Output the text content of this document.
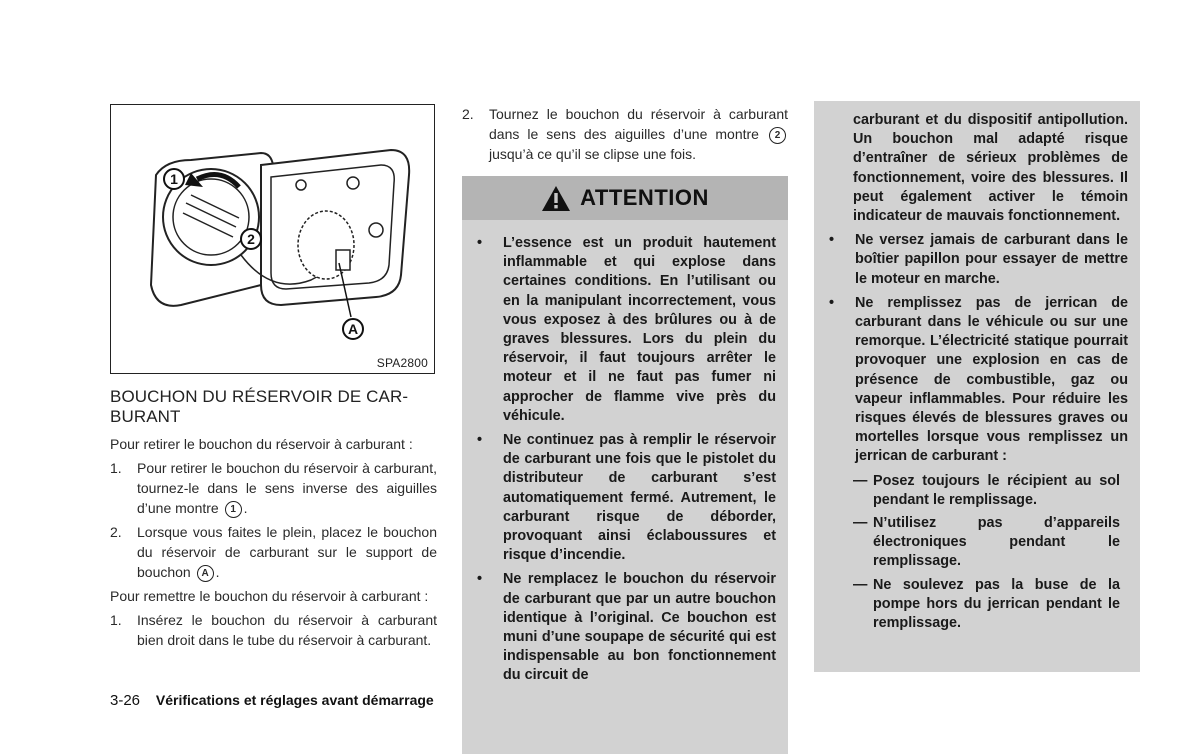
1
2
A
SPA2800
BOUCHON DU RÉSERVOIR DE CAR-BURANT

Pour retirer le bouchon du réservoir à carburant :

1. Pour retirer le bouchon du réservoir à carburant, tournez-le dans le sens inverse des aiguilles d’une montre 1 .
2. Lorsque vous faites le plein, placez le bouchon du réservoir de carburant sur le support de bouchon A .

Pour remettre le bouchon du réservoir à carburant :

1. Insérez le bouchon du réservoir à carburant bien droit dans le tube du réservoir à carburant.
2. Tournez le bouchon du réservoir à carburant dans le sens des aiguilles d’une montre 2 jusqu’à ce qu’il se clipse une fois.
ATTENTION
• L’essence est un produit hautement inflammable et qui explose dans certaines conditions. En l’utilisant ou en la manipulant incorrectement, vous vous exposez à des brûlures ou à de graves blessures. Lors du plein du réservoir, il faut toujours arrêter le moteur et il ne faut pas fumer ni approcher de flamme vive près du véhicule.
• Ne continuez pas à remplir le réservoir de carburant une fois que le pistolet du distributeur de carburant s’est automatiquement fermé. Autrement, le carburant risque de déborder, provoquant ainsi éclaboussures et risque d’incendie.
• Ne remplacez le bouchon du réservoir de carburant que par un autre bouchon identique à l’original. Ce bouchon est muni d’une soupape de sécurité qui est indispensable au bon fonctionnement du circuit de
carburant et du dispositif antipollution. Un bouchon mal adapté risque d’entraîner de sérieux problèmes de fonctionnement, voire des blessures. Il peut également activer le témoin indicateur de mauvais fonctionnement.
• Ne versez jamais de carburant dans le boîtier papillon pour essayer de mettre le moteur en marche.
• Ne remplissez pas de jerrican de carburant dans le véhicule ou sur une remorque. L’électricité statique pourrait provoquer une explosion en cas de présence de combustible, gaz ou vapeur inflammables. Pour réduire les risques élevés de blessures graves ou mortelles lorsque vous remplissez un jerrican de carburant :
— Posez toujours le récipient au sol pendant le remplissage.
— N’utilisez pas d’appareils électroniques pendant le remplissage.
— Ne soulevez pas la buse de la pompe hors du jerrican pendant le remplissage.
3-26 Vérifications et réglages avant démarrage
